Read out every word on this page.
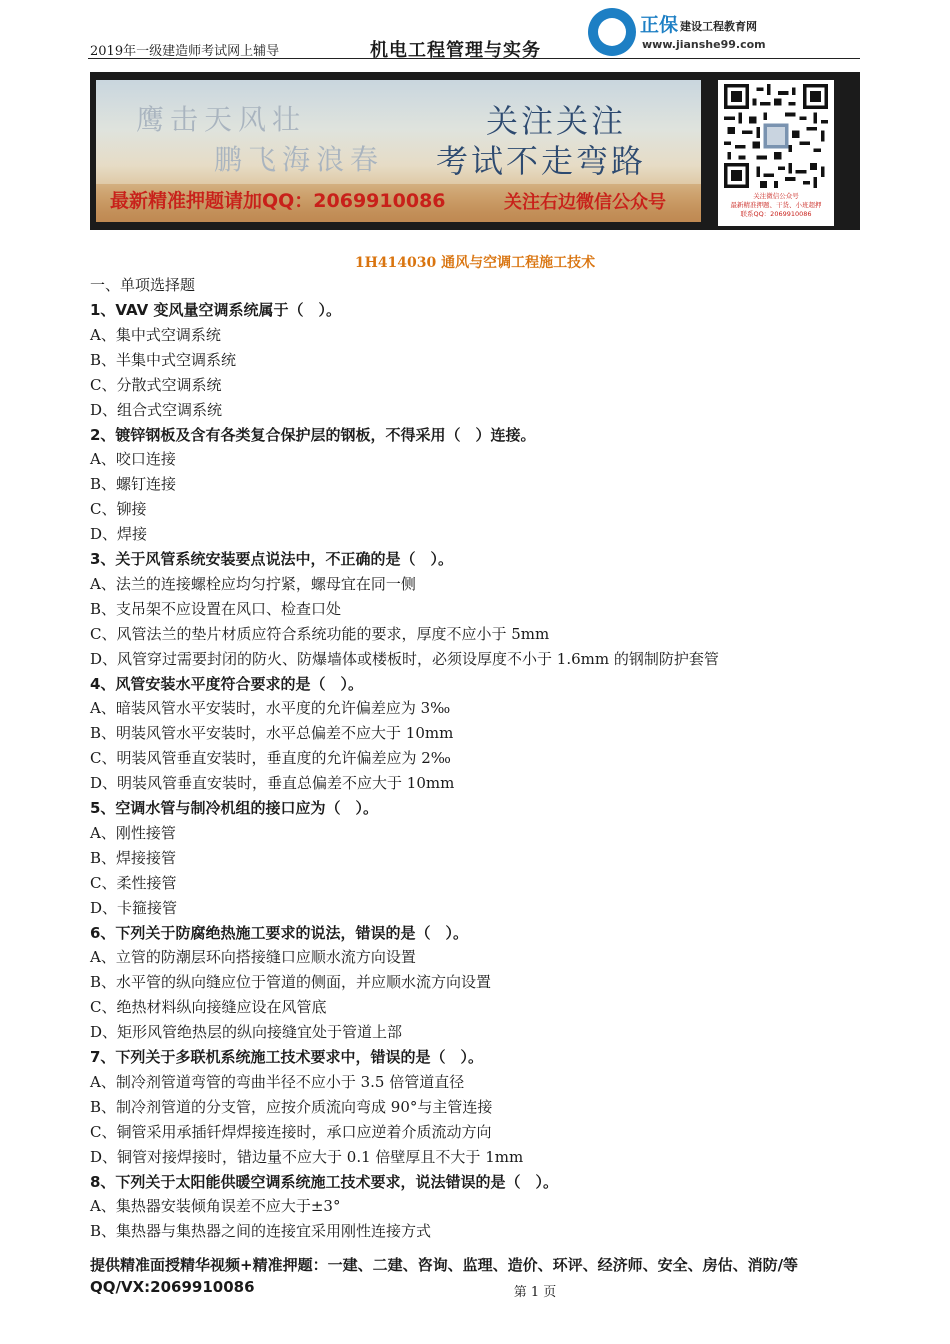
2019年一级建造师考试网上辅导	机电工程管理与实务
正保 建设工程教育网
www.jianshe99.com
鹰击天风壮
鹏飞海浪春
关注关注
考试不走弯路
最新精准押题请加QQ：2069910086	关注右边微信公众号	关注微信公众号
最新精准押题、干货、小班超押
联系QQ：2069910086
1H414030 通风与空调工程施工技术
一、单项选择题
1、VAV 变风量空调系统属于（　）。
A、集中式空调系统
B、半集中式空调系统
C、分散式空调系统
D、组合式空调系统
2、镀锌钢板及含有各类复合保护层的钢板，不得采用（　）连接。
A、咬口连接
B、螺钉连接
C、铆接
D、焊接
3、关于风管系统安装要点说法中，不正确的是（　）。
A、法兰的连接螺栓应均匀拧紧，螺母宜在同一侧
B、支吊架不应设置在风口、检查口处
C、风管法兰的垫片材质应符合系统功能的要求，厚度不应小于 5mm
D、风管穿过需要封闭的防火、防爆墙体或楼板时，必须设厚度不小于 1.6mm 的钢制防护套管
4、风管安装水平度符合要求的是（　）。
A、暗装风管水平安装时，水平度的允许偏差应为 3‰
B、明装风管水平安装时，水平总偏差不应大于 10mm
C、明装风管垂直安装时，垂直度的允许偏差应为 2‰
D、明装风管垂直安装时，垂直总偏差不应大于 10mm
5、空调水管与制冷机组的接口应为（　）。
A、刚性接管
B、焊接接管
C、柔性接管
D、卡箍接管
6、下列关于防腐绝热施工要求的说法，错误的是（　）。
A、立管的防潮层环向搭接缝口应顺水流方向设置
B、水平管的纵向缝应位于管道的侧面，并应顺水流方向设置
C、绝热材料纵向接缝应设在风管底
D、矩形风管绝热层的纵向接缝宜处于管道上部
7、下列关于多联机系统施工技术要求中，错误的是（　）。
A、制冷剂管道弯管的弯曲半径不应小于 3.5 倍管道直径
B、制冷剂管道的分支管，应按介质流向弯成 90°与主管连接
C、铜管采用承插钎焊焊接连接时，承口应逆着介质流动方向
D、铜管对接焊接时，错边量不应大于 0.1 倍壁厚且不大于 1mm
8、下列关于太阳能供暖空调系统施工技术要求，说法错误的是（　）。
A、集热器安装倾角误差不应大于±3°
B、集热器与集热器之间的连接宜采用刚性连接方式
提供精准面授精华视频+精准押题：一建、二建、咨询、监理、造价、环评、经济师、安全、房估、消防/等
QQ/VX:2069910086	第 1 页
